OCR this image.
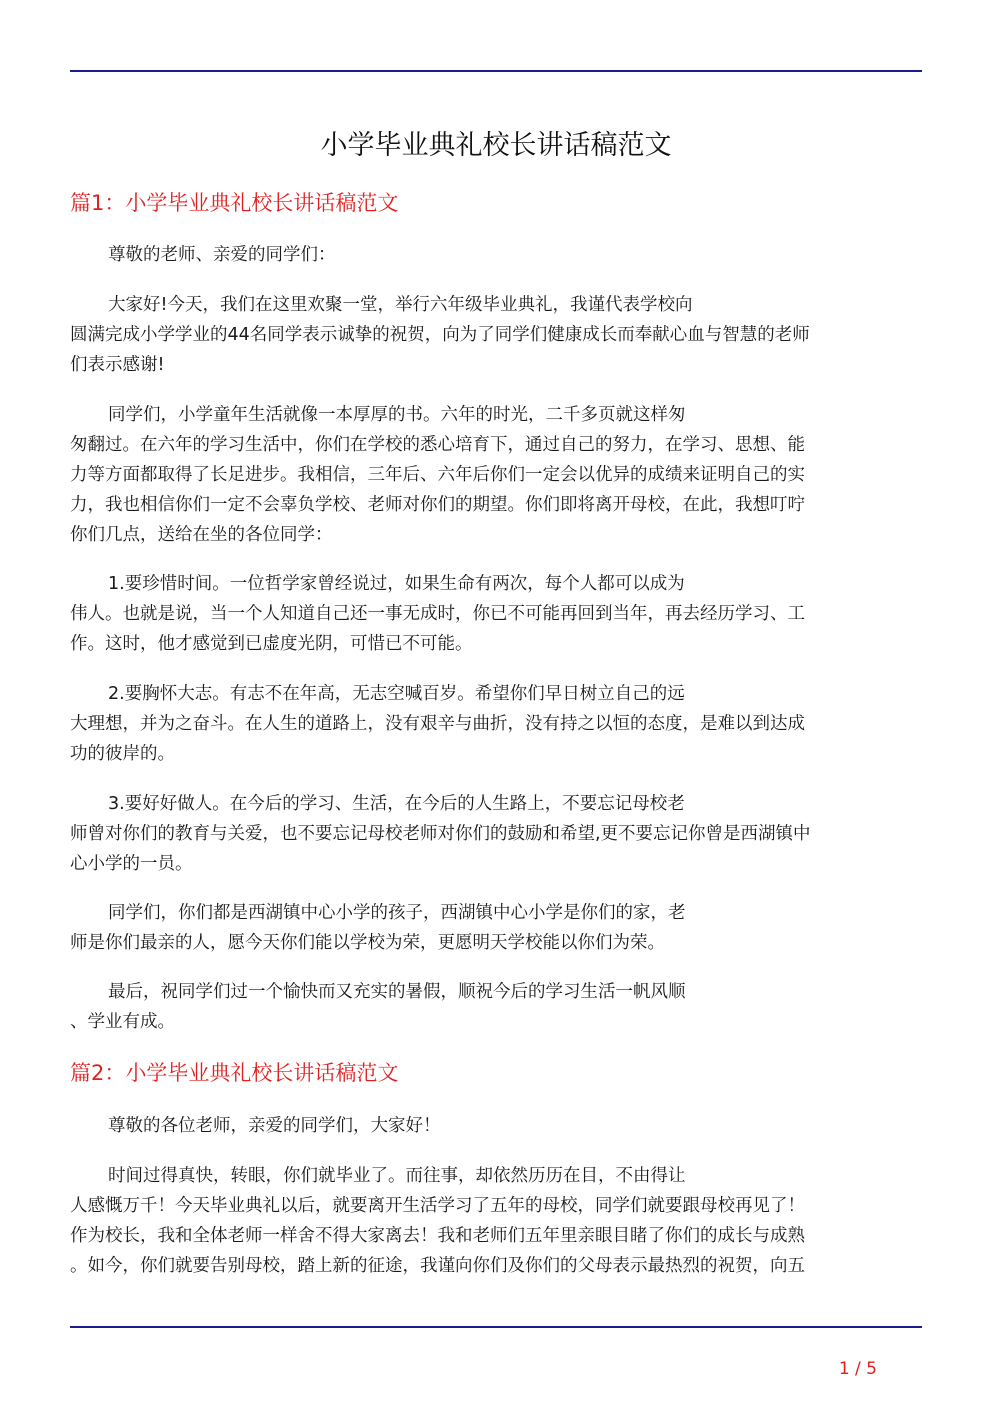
小学毕业典礼校长讲话稿范文
篇1：小学毕业典礼校长讲话稿范文
尊敬的老师、亲爱的同学们：
大家好!今天，我们在这里欢聚一堂，举行六年级毕业典礼，我谨代表学校向
圆满完成小学学业的44名同学表示诚挚的祝贺，向为了同学们健康成长而奉献心血与智慧的老师
们表示感谢!
同学们，小学童年生活就像一本厚厚的书。六年的时光，二千多页就这样匆
匆翻过。在六年的学习生活中，你们在学校的悉心培育下，通过自己的努力，在学习、思想、能
力等方面都取得了长足进步。我相信，三年后、六年后你们一定会以优异的成绩来证明自己的实
力，我也相信你们一定不会辜负学校、老师对你们的期望。你们即将离开母校，在此，我想叮咛
你们几点，送给在坐的各位同学：
1.要珍惜时间。一位哲学家曾经说过，如果生命有两次，每个人都可以成为
伟人。也就是说，当一个人知道自己还一事无成时，你已不可能再回到当年，再去经历学习、工
作。这时，他才感觉到已虚度光阴，可惜已不可能。
2.要胸怀大志。有志不在年高，无志空喊百岁。希望你们早日树立自己的远
大理想，并为之奋斗。在人生的道路上，没有艰辛与曲折，没有持之以恒的态度，是难以到达成
功的彼岸的。
3.要好好做人。在今后的学习、生活，在今后的人生路上，不要忘记母校老
师曾对你们的教育与关爱，也不要忘记母校老师对你们的鼓励和希望,更不要忘记你曾是西湖镇中
心小学的一员。
同学们，你们都是西湖镇中心小学的孩子，西湖镇中心小学是你们的家，老
师是你们最亲的人，愿今天你们能以学校为荣，更愿明天学校能以你们为荣。
最后，祝同学们过一个愉快而又充实的暑假，顺祝今后的学习生活一帆风顺
、学业有成。
篇2：小学毕业典礼校长讲话稿范文
尊敬的各位老师，亲爱的同学们，大家好！
时间过得真快，转眼，你们就毕业了。而往事，却依然历历在目，不由得让
人感慨万千！今天毕业典礼以后，就要离开生活学习了五年的母校，同学们就要跟母校再见了！
作为校长，我和全体老师一样舍不得大家离去！我和老师们五年里亲眼目睹了你们的成长与成熟
。如今，你们就要告别母校，踏上新的征途，我谨向你们及你们的父母表示最热烈的祝贺，向五
1 / 5
